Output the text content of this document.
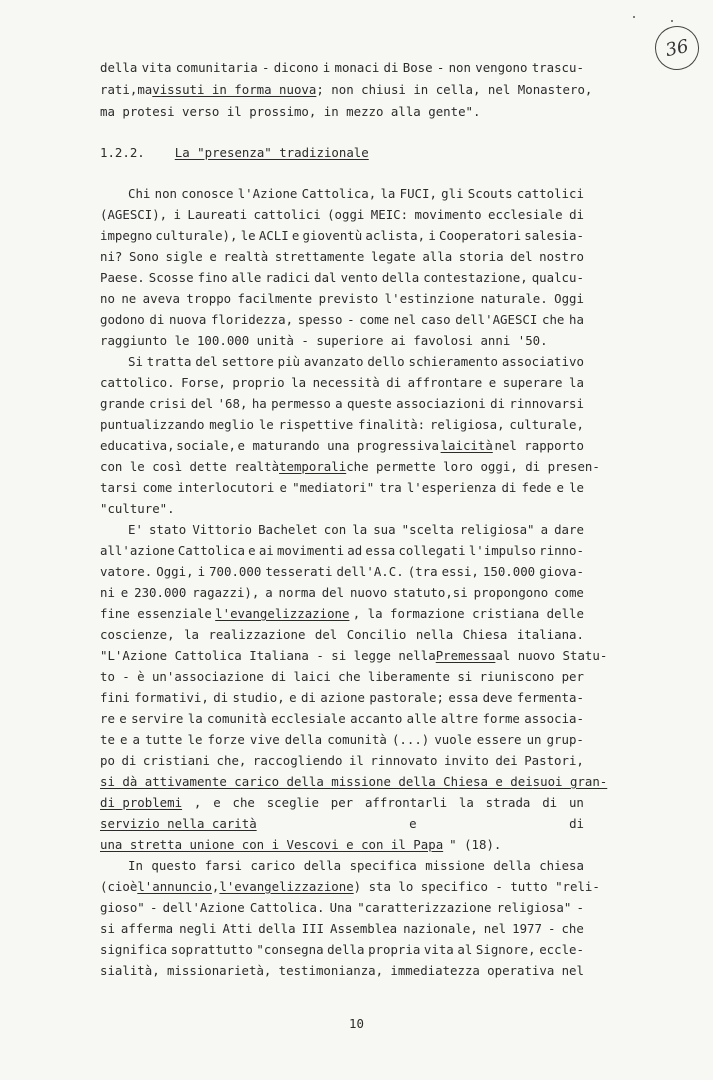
36
1.2.2. La "presenza" tradizionale
della vita comunitaria - dicono i monaci di Bose - non vengono trascu-
rati, ma vissuti in forma nuova ; non chiusi in cella, nel Monastero,
ma protesi verso il prossimo, in mezzo alla gente".
Chi non conosce l'Azione Cattolica, la FUCI, gli Scouts cattolici
(AGESCI), i Laureati cattolici (oggi MEIC: movimento ecclesiale di
impegno culturale), le ACLI e gioventù aclista, i Cooperatori salesia-
ni? Sono sigle e realtà strettamente legate alla storia del nostro
Paese. Scosse fino alle radici dal vento della contestazione, qualcu-
no ne aveva troppo facilmente previsto l'estinzione naturale. Oggi
godono di nuova floridezza, spesso - come nel caso dell'AGESCI che ha
raggiunto le 100.000 unità - superiore ai favolosi anni '50.
Si tratta del settore più avanzato dello schieramento associativo
cattolico. Forse, proprio la necessità di affrontare e superare la
grande crisi del '68, ha permesso a queste associazioni di rinnovarsi
puntualizzando meglio le rispettive finalità: religiosa, culturale,
educativa, sociale, e maturando una progressiva laicità nel rapporto
con le così dette realtà temporali che permette loro oggi, di presen-
tarsi come interlocutori e "mediatori" tra l'esperienza di fede e le
"culture".
E' stato Vittorio Bachelet con la sua "scelta religiosa" a dare
all'azione Cattolica e ai movimenti ad essa collegati l'impulso rinno-
vatore. Oggi, i 700.000 tesserati dell'A.C. (tra essi, 150.000 giova-
ni e 230.000 ragazzi), a norma del nuovo statuto,si propongono come
fine essenziale l'evangelizzazione , la formazione cristiana delle
coscienze, la realizzazione del Concilio nella Chiesa italiana.
"L'Azione Cattolica Italiana - si legge nella Premessa al nuovo Statu-
to - è un'associazione di laici che liberamente si riuniscono per
fini formativi, di studio, e di azione pastorale; essa deve fermenta-
re e servire la comunità ecclesiale accanto alle altre forme associa-
te e a tutte le forze vive della comunità (...) vuole essere un grup-
po di cristiani che, raccogliendo il rinnovato invito dei Pastori,
si dà attivamente carico della missione della Chiesa e dei suoi gran-
di problemi , e che sceglie per affrontarli la strada di un
servizio nella carità	e	di
una stretta unione con i Vescovi e con il Papa " (18).
In questo farsi carico della specifica missione della chiesa
(cioè l'annuncio , l'evangelizzazione ) sta lo specifico - tutto "reli-
gioso" - dell'Azione Cattolica. Una "caratterizzazione religiosa" -
si afferma negli Atti della III Assemblea nazionale, nel 1977 - che
significa soprattutto "consegna della propria vita al Signore, eccle-
sialità, missionarietà, testimonianza, immediatezza operativa nel
10
